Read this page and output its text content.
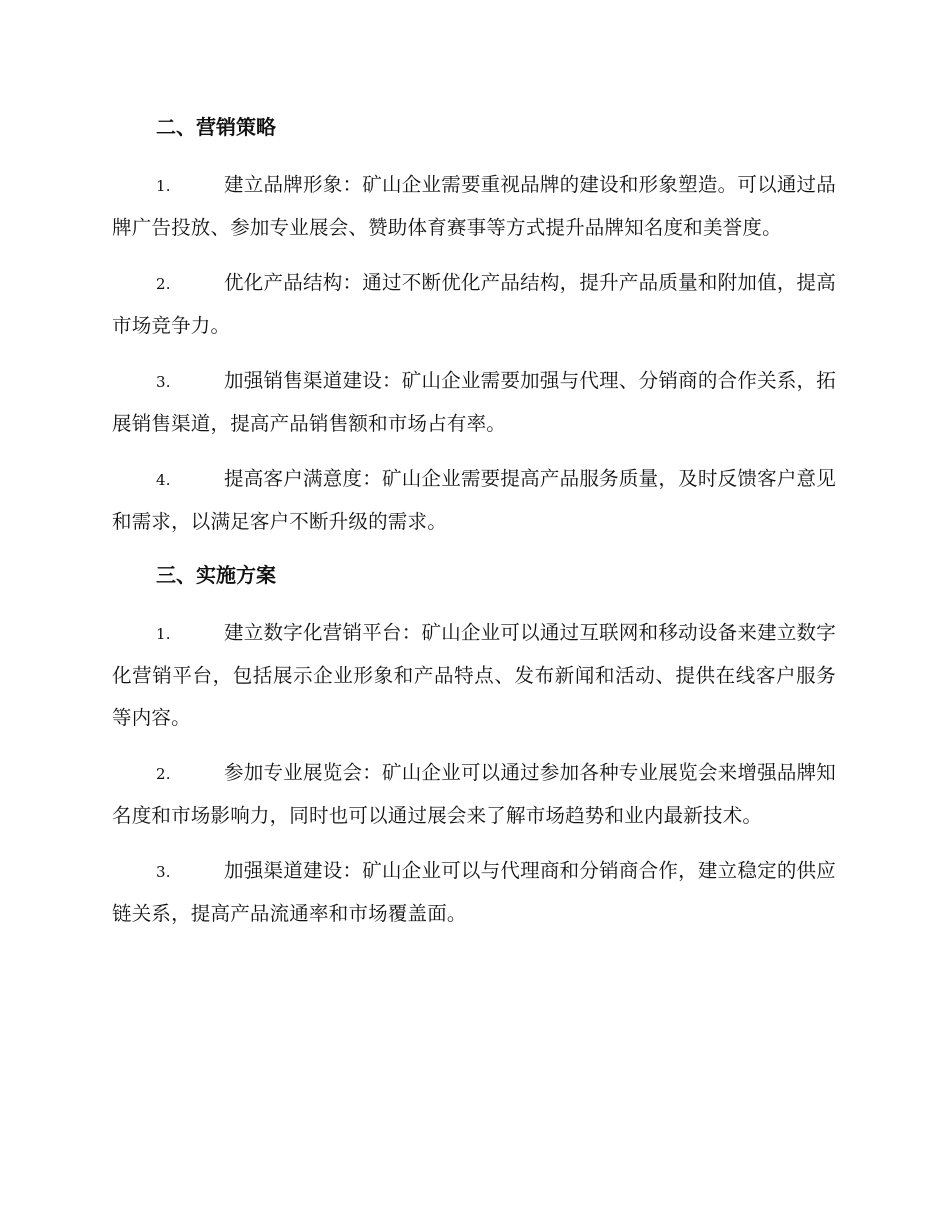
二、营销策略

1.	建立品牌形象：矿山企业需要重视品牌的建设和形象塑造。可以通过品牌广告投放、参加专业展会、赞助体育赛事等方式提升品牌知名度和美誉度。

2.	优化产品结构：通过不断优化产品结构，提升产品质量和附加值，提高市场竞争力。

3.	加强销售渠道建设：矿山企业需要加强与代理、分销商的合作关系，拓展销售渠道，提高产品销售额和市场占有率。

4.	提高客户满意度：矿山企业需要提高产品服务质量，及时反馈客户意见和需求，以满足客户不断升级的需求。

三、实施方案

1.	建立数字化营销平台：矿山企业可以通过互联网和移动设备来建立数字化营销平台，包括展示企业形象和产品特点、发布新闻和活动、提供在线客户服务等内容。

2.	参加专业展览会：矿山企业可以通过参加各种专业展览会来增强品牌知名度和市场影响力，同时也可以通过展会来了解市场趋势和业内最新技术。

3.	加强渠道建设：矿山企业可以与代理商和分销商合作，建立稳定的供应链关系，提高产品流通率和市场覆盖面。
